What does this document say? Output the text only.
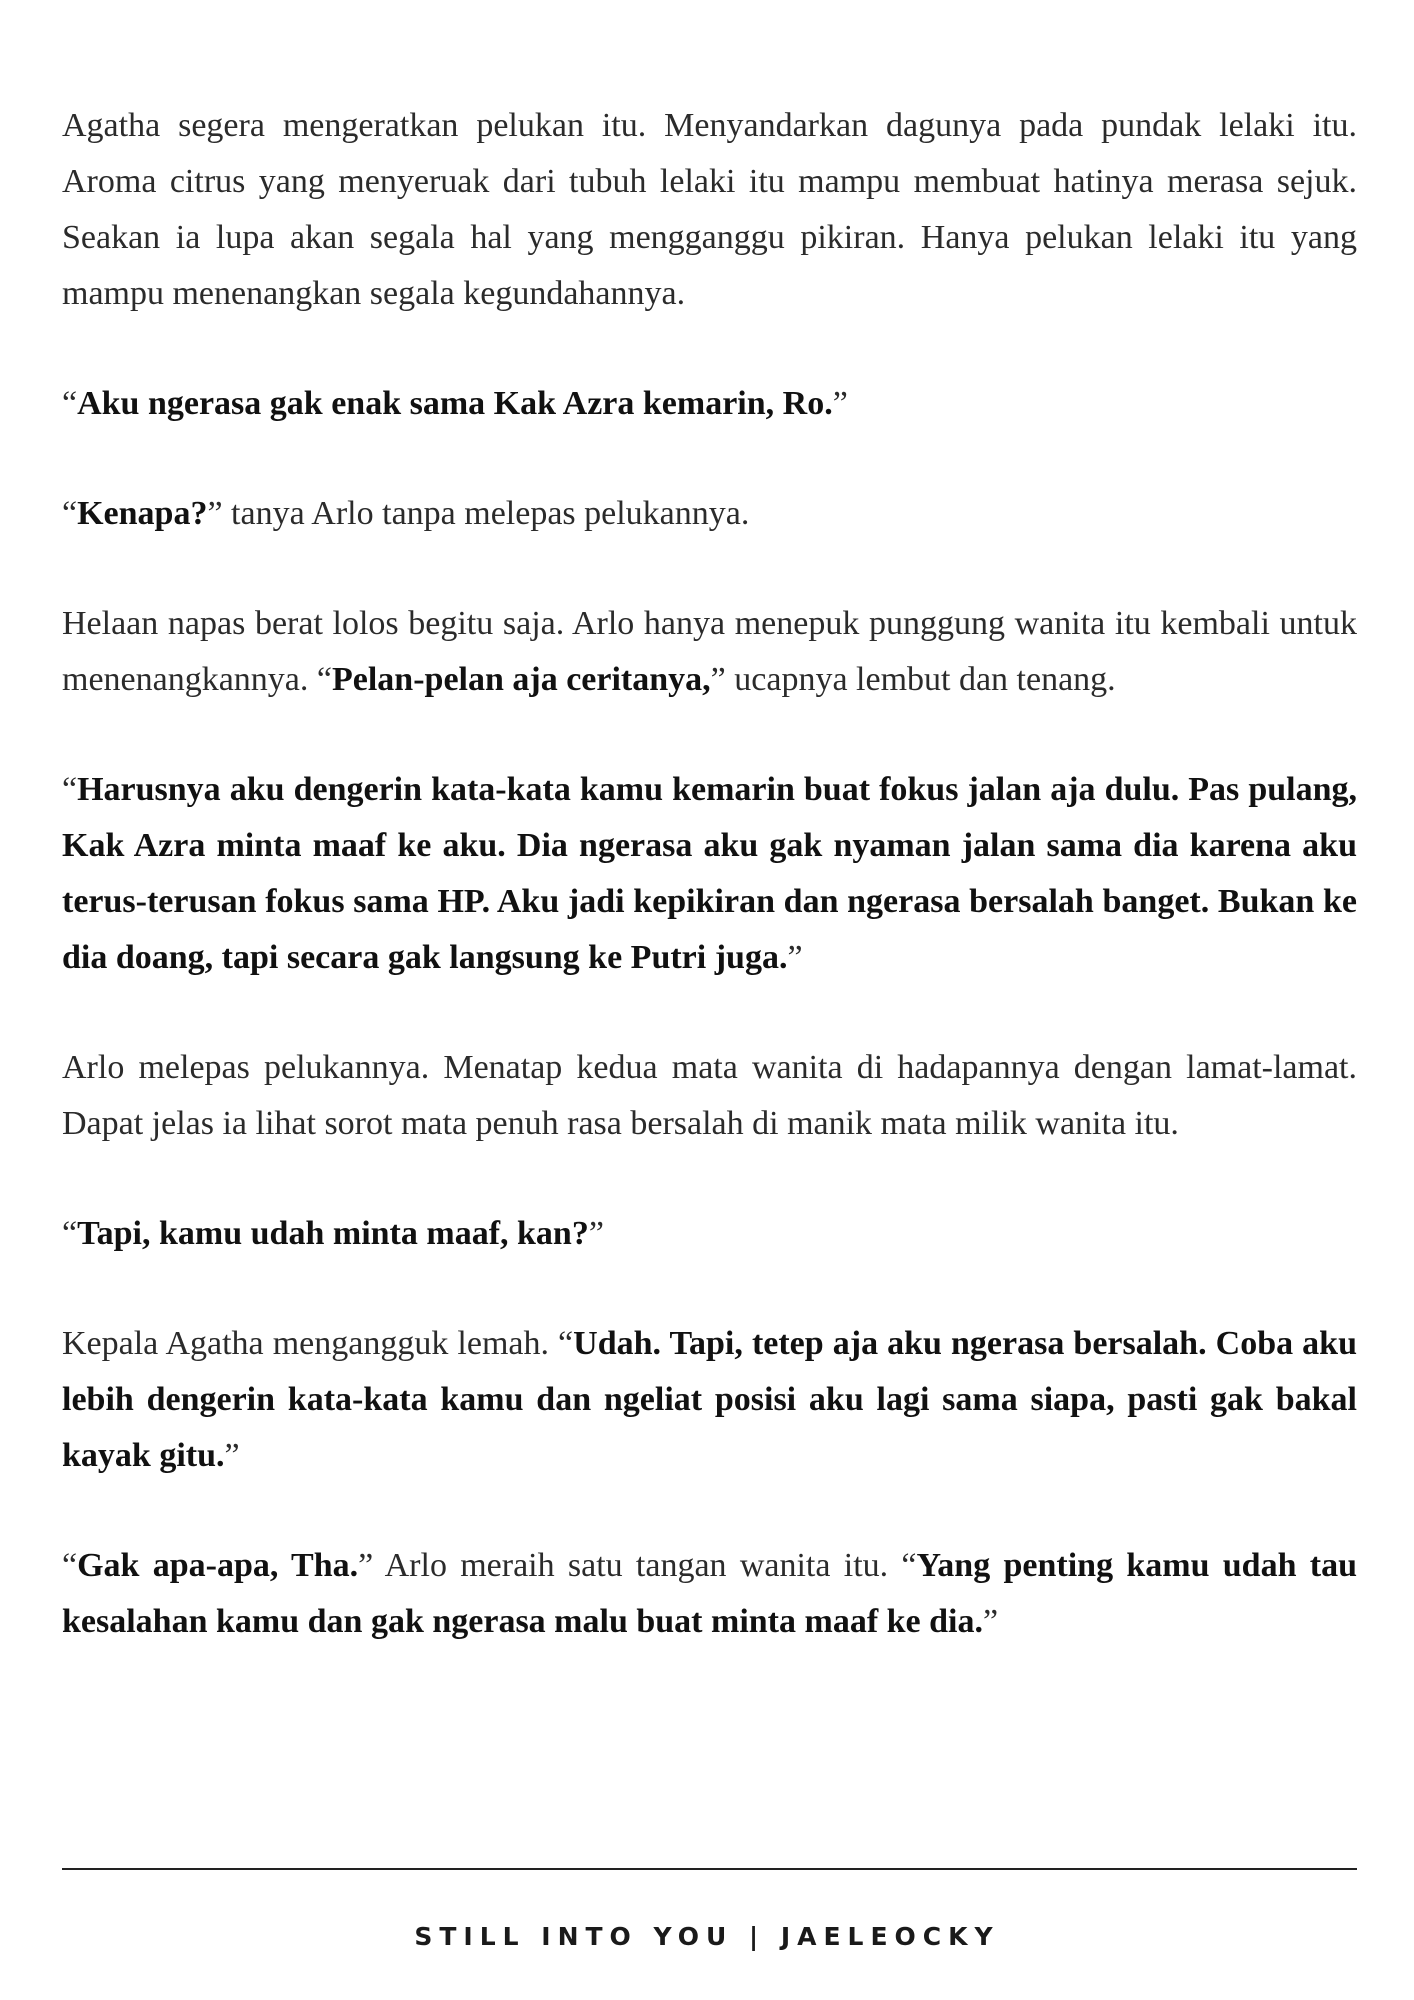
Agatha segera mengeratkan pelukan itu. Menyandarkan dagunya pada pundak lelaki itu. Aroma citrus yang menyeruak dari tubuh lelaki itu mampu membuat hatinya merasa sejuk. Seakan ia lupa akan segala hal yang mengganggu pikiran. Hanya pelukan lelaki itu yang mampu menenangkan segala kegundahannya.

“Aku ngerasa gak enak sama Kak Azra kemarin, Ro.”

“Kenapa?” tanya Arlo tanpa melepas pelukannya.

Helaan napas berat lolos begitu saja. Arlo hanya menepuk punggung wanita itu kembali untuk menenangkannya. “Pelan-pelan aja ceritanya,” ucapnya lembut dan tenang.

“Harusnya aku dengerin kata-kata kamu kemarin buat fokus jalan aja dulu. Pas pulang, Kak Azra minta maaf ke aku. Dia ngerasa aku gak nyaman jalan sama dia karena aku terus-terusan fokus sama HP. Aku jadi kepikiran dan ngerasa bersalah banget. Bukan ke dia doang, tapi secara gak langsung ke Putri juga.”

Arlo melepas pelukannya. Menatap kedua mata wanita di hadapannya dengan lamat-lamat. Dapat jelas ia lihat sorot mata penuh rasa bersalah di manik mata milik wanita itu.

“Tapi, kamu udah minta maaf, kan?”

Kepala Agatha mengangguk lemah. “Udah. Tapi, tetep aja aku ngerasa bersalah. Coba aku lebih dengerin kata-kata kamu dan ngeliat posisi aku lagi sama siapa, pasti gak bakal kayak gitu.”

“Gak apa-apa, Tha.” Arlo meraih satu tangan wanita itu. “Yang penting kamu udah tau kesalahan kamu dan gak ngerasa malu buat minta maaf ke dia.”

STILL INTO YOU | JAELEOCKY
